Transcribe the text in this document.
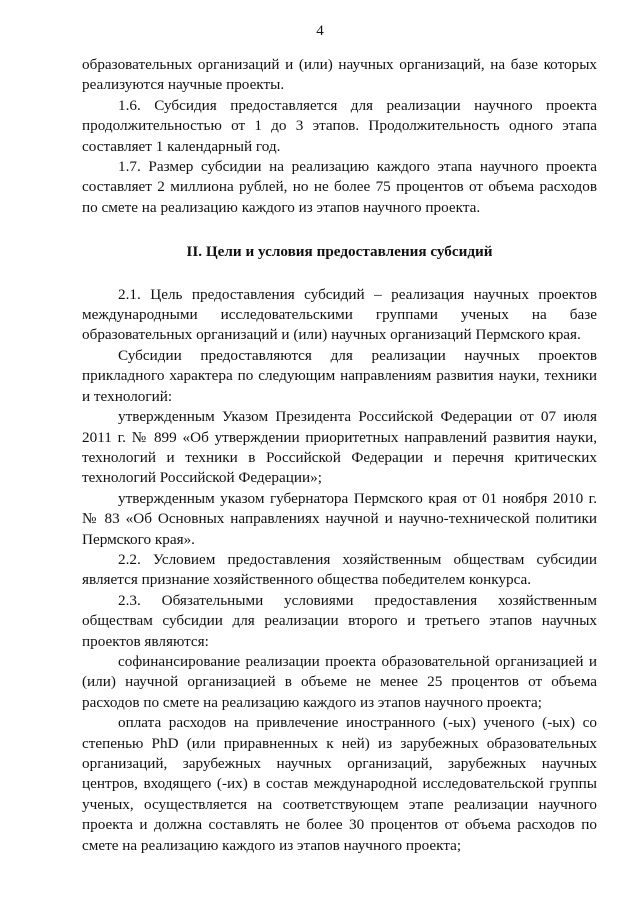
4

образовательных организаций и (или) научных организаций, на базе которых реализуются научные проекты.

1.6. Субсидия предоставляется для реализации научного проекта продолжительностью от 1 до 3 этапов. Продолжительность одного этапа составляет 1 календарный год.

1.7. Размер субсидии на реализацию каждого этапа научного проекта составляет 2 миллиона рублей, но не более 75 процентов от объема расходов по смете на реализацию каждого из этапов научного проекта.

II. Цели и условия предоставления субсидий

2.1. Цель предоставления субсидий – реализация научных проектов международными исследовательскими группами ученых на базе образовательных организаций и (или) научных организаций Пермского края.

Субсидии предоставляются для реализации научных проектов прикладного характера по следующим направлениям развития науки, техники и технологий:

утвержденным Указом Президента Российской Федерации от 07 июля 2011 г. № 899 «Об утверждении приоритетных направлений развития науки, технологий и техники в Российской Федерации и перечня критических технологий Российской Федерации»;

утвержденным указом губернатора Пермского края от 01 ноября 2010 г. № 83 «Об Основных направлениях научной и научно-технической политики Пермского края».

2.2. Условием предоставления хозяйственным обществам субсидии является признание хозяйственного общества победителем конкурса.

2.3. Обязательными условиями предоставления хозяйственным обществам субсидии для реализации второго и третьего этапов научных проектов являются:

софинансирование реализации проекта образовательной организацией и (или) научной организацией в объеме не менее 25 процентов от объема расходов по смете на реализацию каждого из этапов научного проекта;

оплата расходов на привлечение иностранного (-ых) ученого (-ых) со степенью PhD (или приравненных к ней) из зарубежных образовательных организаций, зарубежных научных организаций, зарубежных научных центров, входящего (-их) в состав международной исследовательской группы ученых, осуществляется на соответствующем этапе реализации научного проекта и должна составлять не более 30 процентов от объема расходов по смете на реализацию каждого из этапов научного проекта;
